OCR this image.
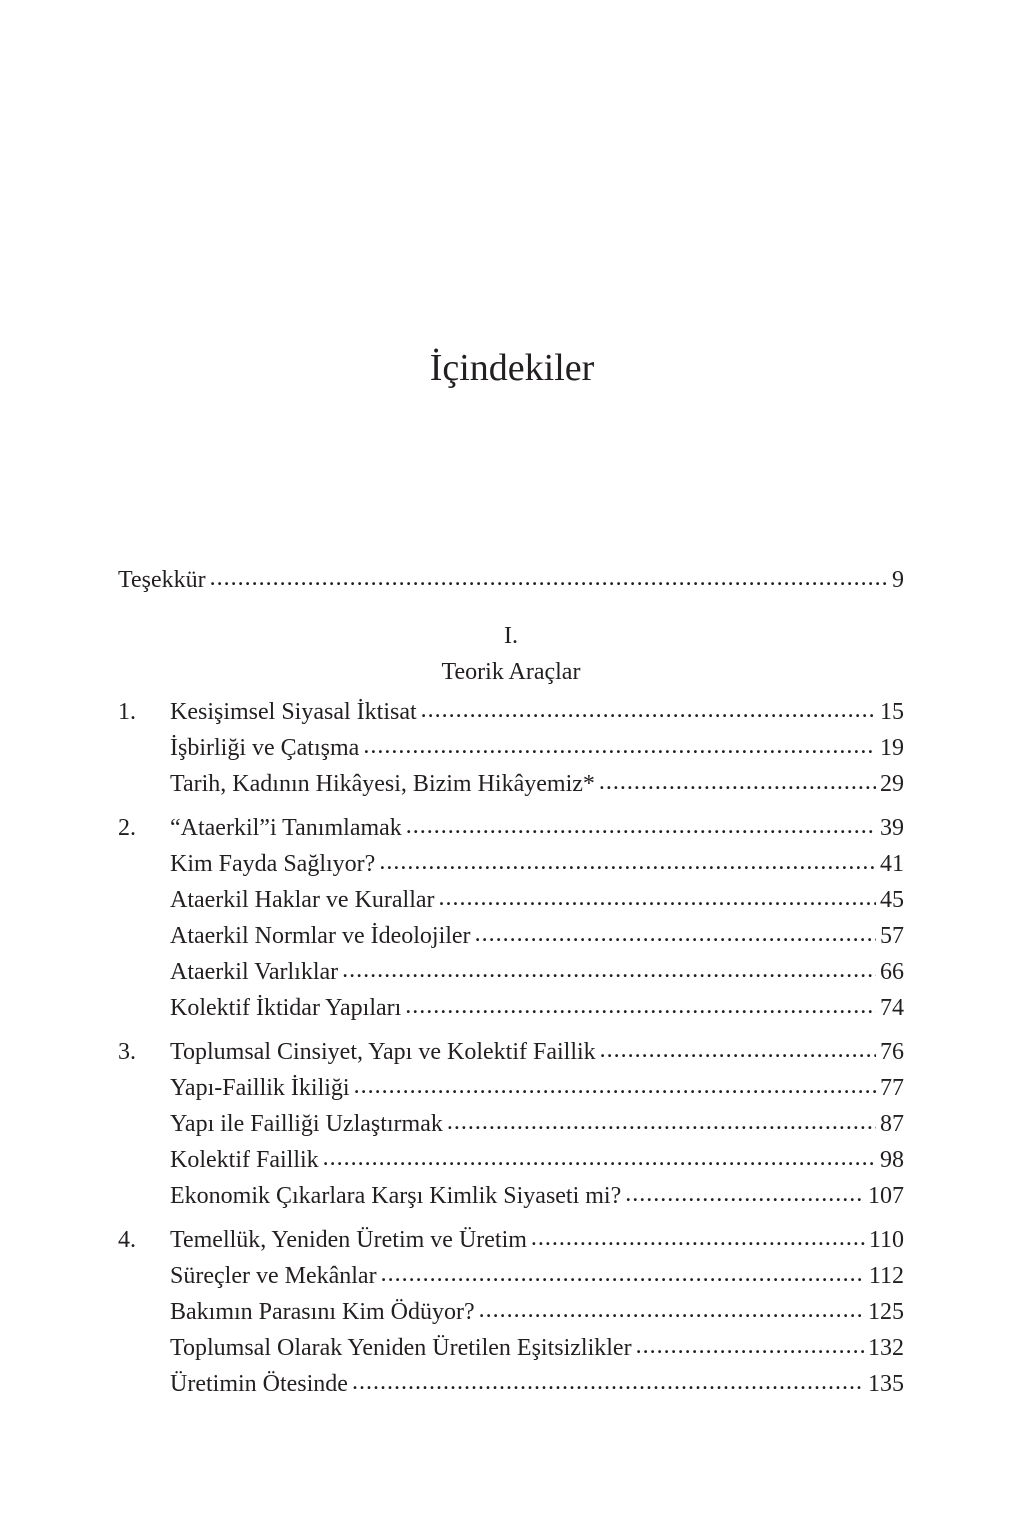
İçindekiler
Teşekkür .....	9
I.
Teorik Araçlar
1.	Kesişimsel Siyasal İktisat .....	15
İşbirliği ve Çatışma .....	19
Tarih, Kadının Hikâyesi, Bizim Hikâyemiz* .....	29
2.	“Ataerkil”i Tanımlamak .....	39
Kim Fayda Sağlıyor? .....	41
Ataerkil Haklar ve Kurallar .....	45
Ataerkil Normlar ve İdeolojiler .....	57
Ataerkil Varlıklar .....	66
Kolektif İktidar Yapıları .....	74
3.	Toplumsal Cinsiyet, Yapı ve Kolektif Faillik .....	76
Yapı-Faillik İkiliği .....	77
Yapı ile Failliği Uzlaştırmak .....	87
Kolektif Faillik .....	98
Ekonomik Çıkarlara Karşı Kimlik Siyaseti mi? .....	107
4.	Temellük, Yeniden Üretim ve Üretim .....	110
Süreçler ve Mekânlar .....	112
Bakımın Parasını Kim Ödüyor? .....	125
Toplumsal Olarak Yeniden Üretilen Eşitsizlikler .....	132
Üretimin Ötesinde .....	135
